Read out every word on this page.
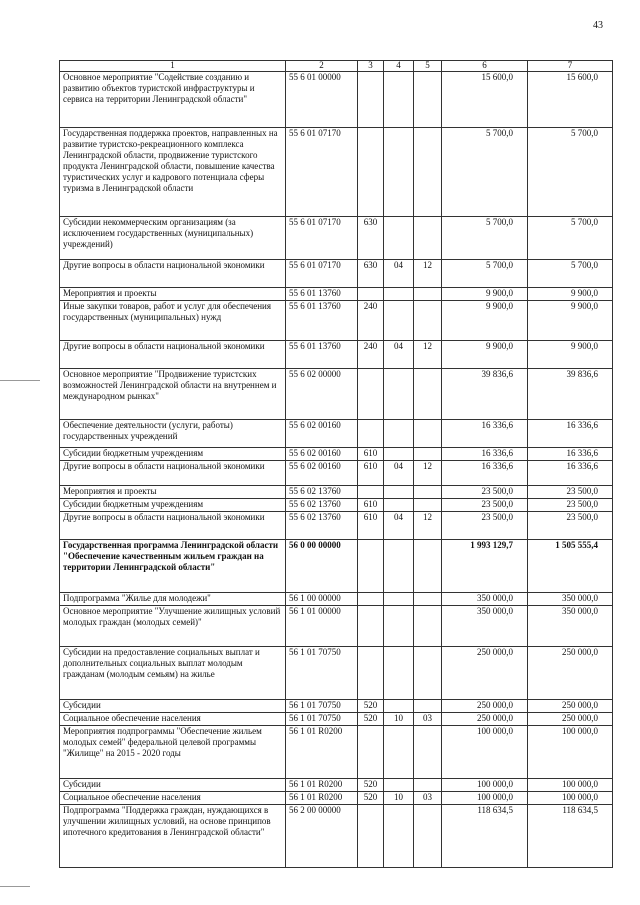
43
1	2	3	4	5	6	7
Основное мероприятие "Содействие созданию и развитию объектов туристской инфраструктуры и сервиса на территории Ленинградской области"	55 6 01 00000				15 600,0	15 600,0
Государственная поддержка проектов, направленных на развитие туристско-рекреационного комплекса Ленинградской области, продвижение туристского продукта Ленинградской области, повышение качества туристических услуг и кадрового потенциала сферы туризма в Ленинградской области	55 6 01 07170				5 700,0	5 700,0
Субсидии некоммерческим организациям (за исключением государственных (муниципальных) учреждений)	55 6 01 07170	630			5 700,0	5 700,0
Другие вопросы в области национальной экономики	55 6 01 07170	630	04	12	5 700,0	5 700,0
Мероприятия и проекты	55 6 01 13760				9 900,0	9 900,0
Иные закупки товаров, работ и услуг для обеспечения государственных (муниципальных) нужд	55 6 01 13760	240			9 900,0	9 900,0
Другие вопросы в области национальной экономики	55 6 01 13760	240	04	12	9 900,0	9 900,0
Основное мероприятие "Продвижение туристских возможностей Ленинградской области на внутреннем и международном рынках"	55 6 02 00000				39 836,6	39 836,6
Обеспечение деятельности (услуги, работы) государственных учреждений	55 6 02 00160				16 336,6	16 336,6
Субсидии бюджетным учреждениям	55 6 02 00160	610			16 336,6	16 336,6
Другие вопросы в области национальной экономики	55 6 02 00160	610	04	12	16 336,6	16 336,6
Мероприятия и проекты	55 6 02 13760				23 500,0	23 500,0
Субсидии бюджетным учреждениям	55 6 02 13760	610			23 500,0	23 500,0
Другие вопросы в области национальной экономики	55 6 02 13760	610	04	12	23 500,0	23 500,0
Государственная программа Ленинградской области "Обеспечение качественным жильем граждан на территории Ленинградской области"	56 0 00 00000				1 993 129,7	1 505 555,4
Подпрограмма "Жилье для молодежи"	56 1 00 00000				350 000,0	350 000,0
Основное мероприятие "Улучшение жилищных условий молодых граждан (молодых семей)"	56 1 01 00000				350 000,0	350 000,0
Субсидии на предоставление социальных выплат и дополнительных социальных выплат молодым гражданам (молодым семьям) на жилье	56 1 01 70750				250 000,0	250 000,0
Субсидии	56 1 01 70750	520			250 000,0	250 000,0
Социальное обеспечение населения	56 1 01 70750	520	10	03	250 000,0	250 000,0
Мероприятия подпрограммы "Обеспечение жильем молодых семей" федеральной целевой программы "Жилище" на 2015 - 2020 годы	56 1 01 R0200				100 000,0	100 000,0
Субсидии	56 1 01 R0200	520			100 000,0	100 000,0
Социальное обеспечение населения	56 1 01 R0200	520	10	03	100 000,0	100 000,0
Подпрограмма "Поддержка граждан, нуждающихся в улучшении жилищных условий, на основе принципов ипотечного кредитования в Ленинградской области"	56 2 00 00000				118 634,5	118 634,5
